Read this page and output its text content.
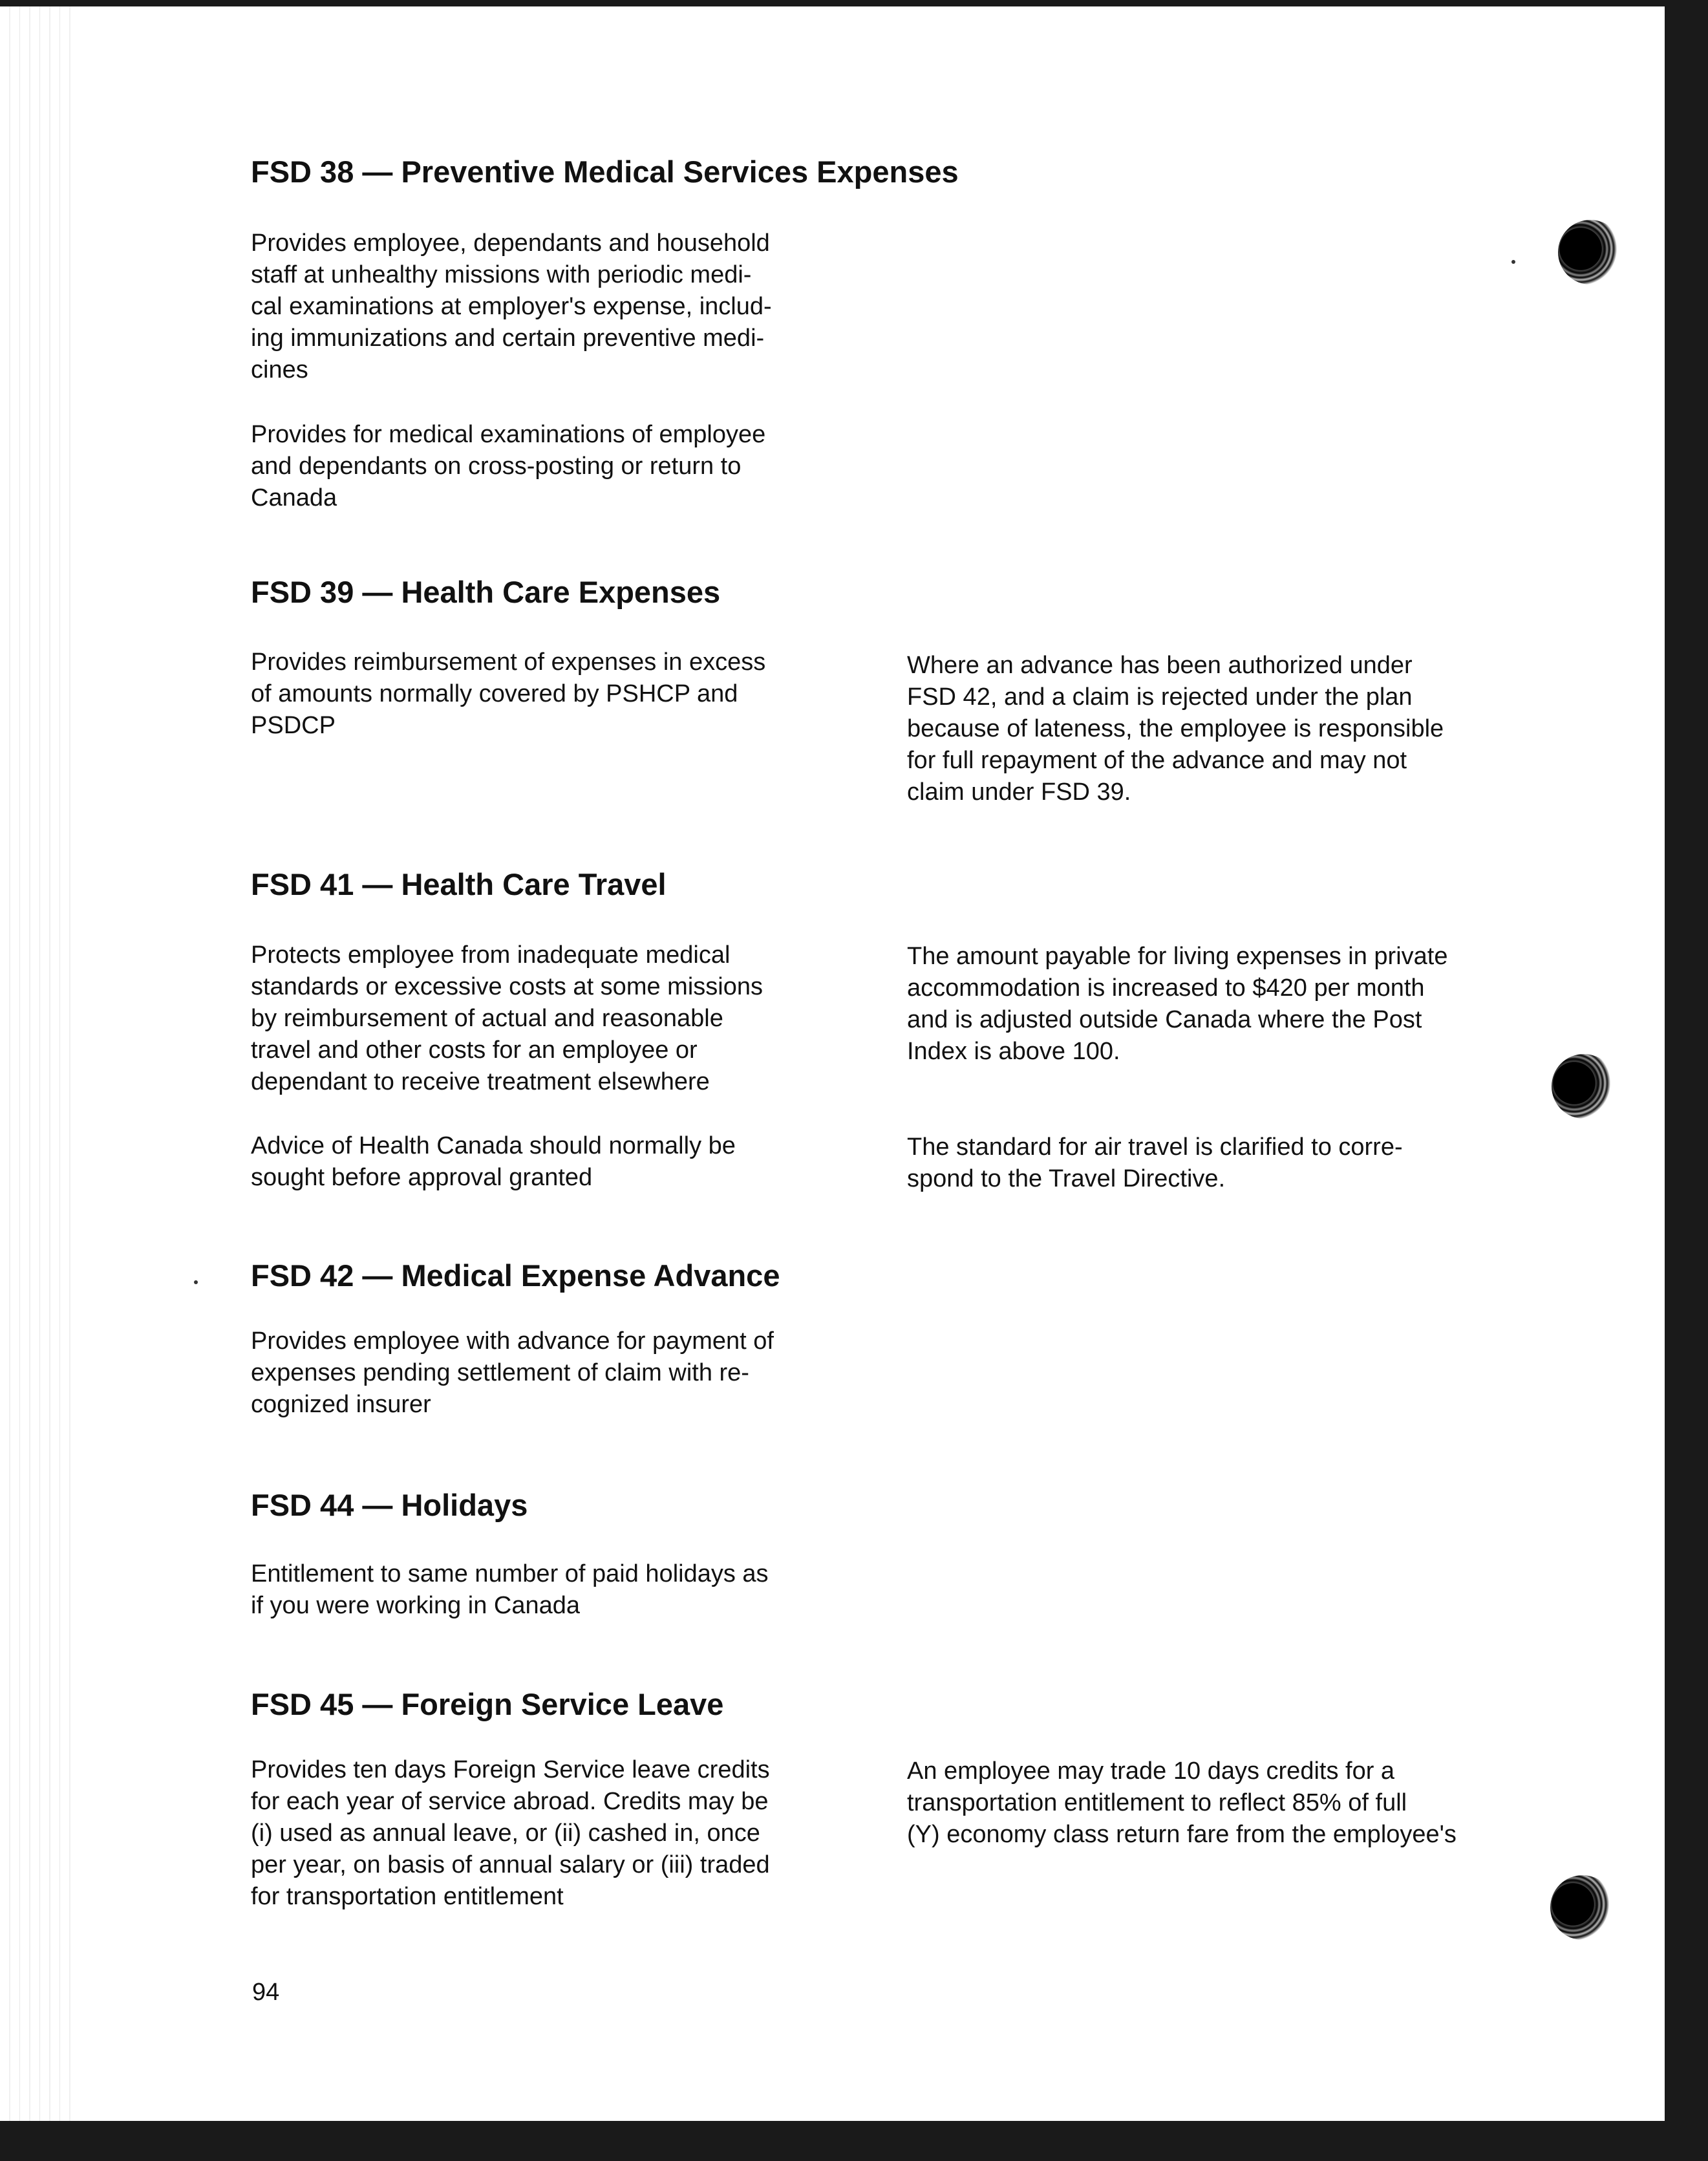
FSD 38 — Preventive Medical Services Expenses

Provides employee, dependants and household
staff at unhealthy missions with periodic medi-
cal examinations at employer's expense, includ-
ing immunizations and certain preventive medi-
cines

Provides for medical examinations of employee
and dependants on cross-posting or return to
Canada

FSD 39 — Health Care Expenses

Provides reimbursement of expenses in excess
of amounts normally covered by PSHCP and
PSDCP

Where an advance has been authorized under
FSD 42, and a claim is rejected under the plan
because of lateness, the employee is responsible
for full repayment of the advance and may not
claim under FSD 39.

FSD 41 — Health Care Travel

Protects employee from inadequate medical
standards or excessive costs at some missions
by reimbursement of actual and reasonable
travel and other costs for an employee or
dependant to receive treatment elsewhere

The amount payable for living expenses in private
accommodation is increased to $420 per month
and is adjusted outside Canada where the Post
Index is above 100.

Advice of Health Canada should normally be
sought before approval granted

The standard for air travel is clarified to corre-
spond to the Travel Directive.

FSD 42 — Medical Expense Advance

Provides employee with advance for payment of
expenses pending settlement of claim with re-
cognized insurer

FSD 44 — Holidays

Entitlement to same number of paid holidays as
if you were working in Canada

FSD 45 — Foreign Service Leave

Provides ten days Foreign Service leave credits
for each year of service abroad. Credits may be
(i) used as annual leave, or (ii) cashed in, once
per year, on basis of annual salary or (iii) traded
for transportation entitlement

An employee may trade 10 days credits for a
transportation entitlement to reflect 85% of full
(Y) economy class return fare from the employee's

94
